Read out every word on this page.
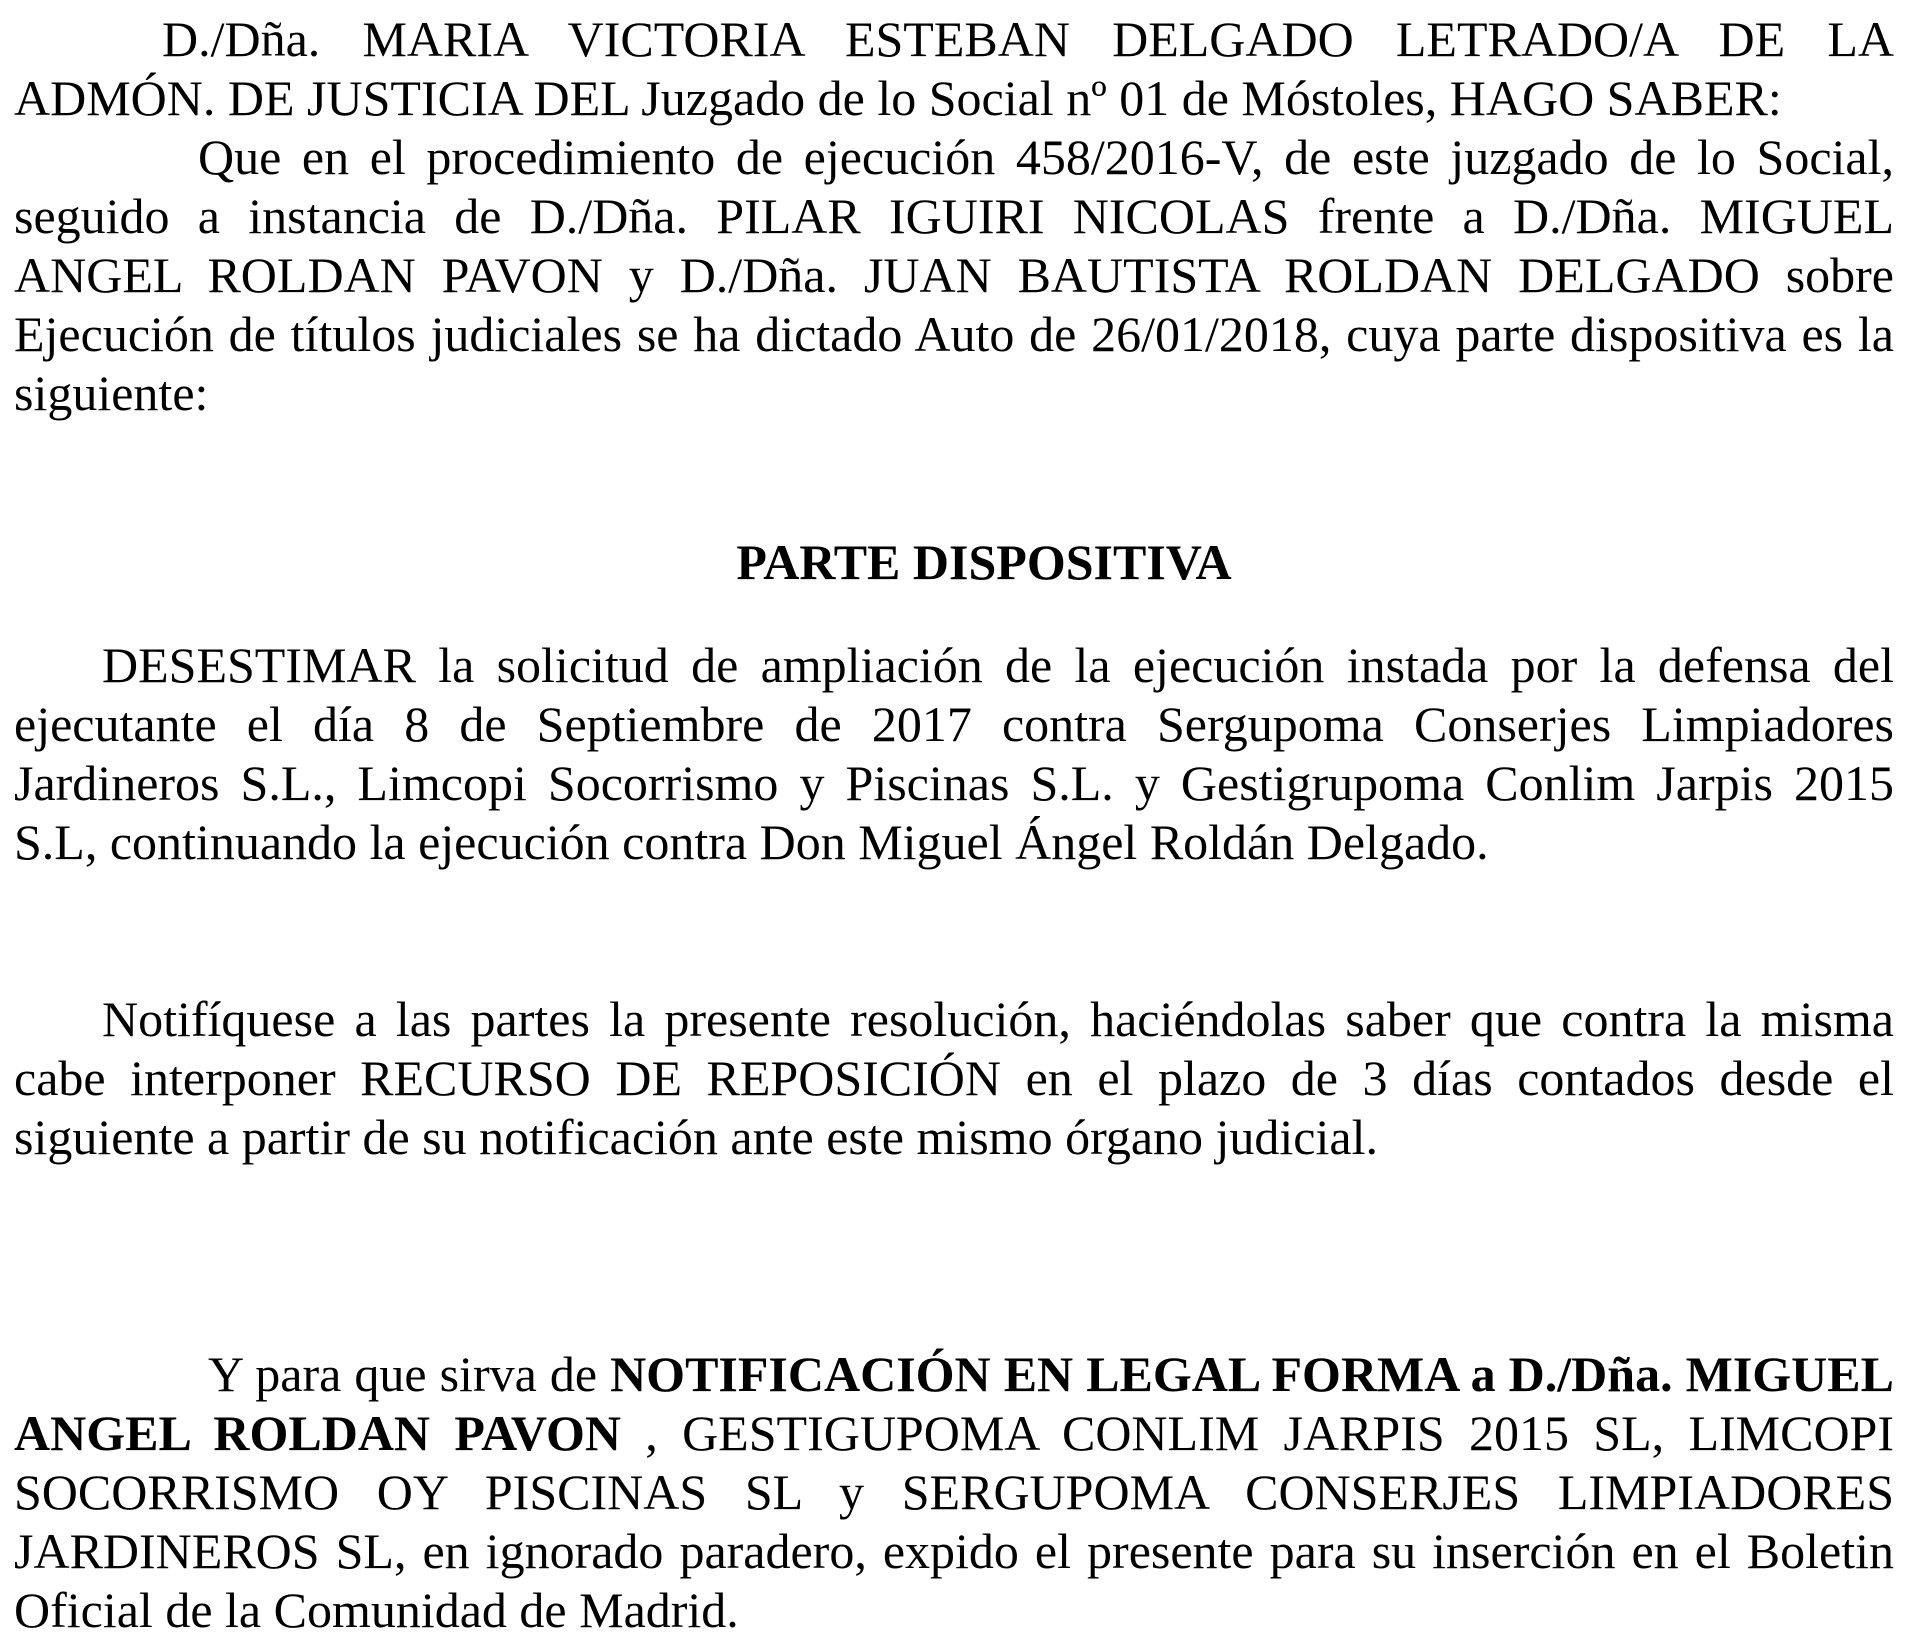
D./Dña. MARIA VICTORIA ESTEBAN DELGADO LETRADO/A DE LA ADMÓN. DE JUSTICIA DEL Juzgado de lo Social nº 01 de Móstoles, HAGO SABER:

Que en el procedimiento de ejecución 458/2016-V, de este juzgado de lo Social, seguido a instancia de D./Dña. PILAR IGUIRI NICOLAS frente a D./Dña. MIGUEL ANGEL ROLDAN PAVON y D./Dña. JUAN BAUTISTA ROLDAN DELGADO sobre Ejecución de títulos judiciales se ha dictado Auto de 26/01/2018, cuya parte dispositiva es la siguiente:

PARTE DISPOSITIVA

DESESTIMAR la solicitud de ampliación de la ejecución instada por la defensa del ejecutante el día 8 de Septiembre de 2017 contra Sergupoma Conserjes Limpiadores Jardineros S.L., Limcopi Socorrismo y Piscinas S.L. y Gestigrupoma Conlim Jarpis 2015 S.L, continuando la ejecución contra Don Miguel Ángel Roldán Delgado.

Notifíquese a las partes la presente resolución, haciéndolas saber que contra la misma cabe interponer RECURSO DE REPOSICIÓN en el plazo de 3 días contados desde el siguiente a partir de su notificación ante este mismo órgano judicial.

Y para que sirva de NOTIFICACIÓN EN LEGAL FORMA a D./Dña. MIGUEL ANGEL ROLDAN PAVON , GESTIGUPOMA CONLIM JARPIS 2015 SL, LIMCOPI SOCORRISMO OY PISCINAS SL y SERGUPOMA CONSERJES LIMPIADORES JARDINEROS SL, en ignorado paradero, expido el presente para su inserción en el Boletin Oficial de la Comunidad de Madrid.
